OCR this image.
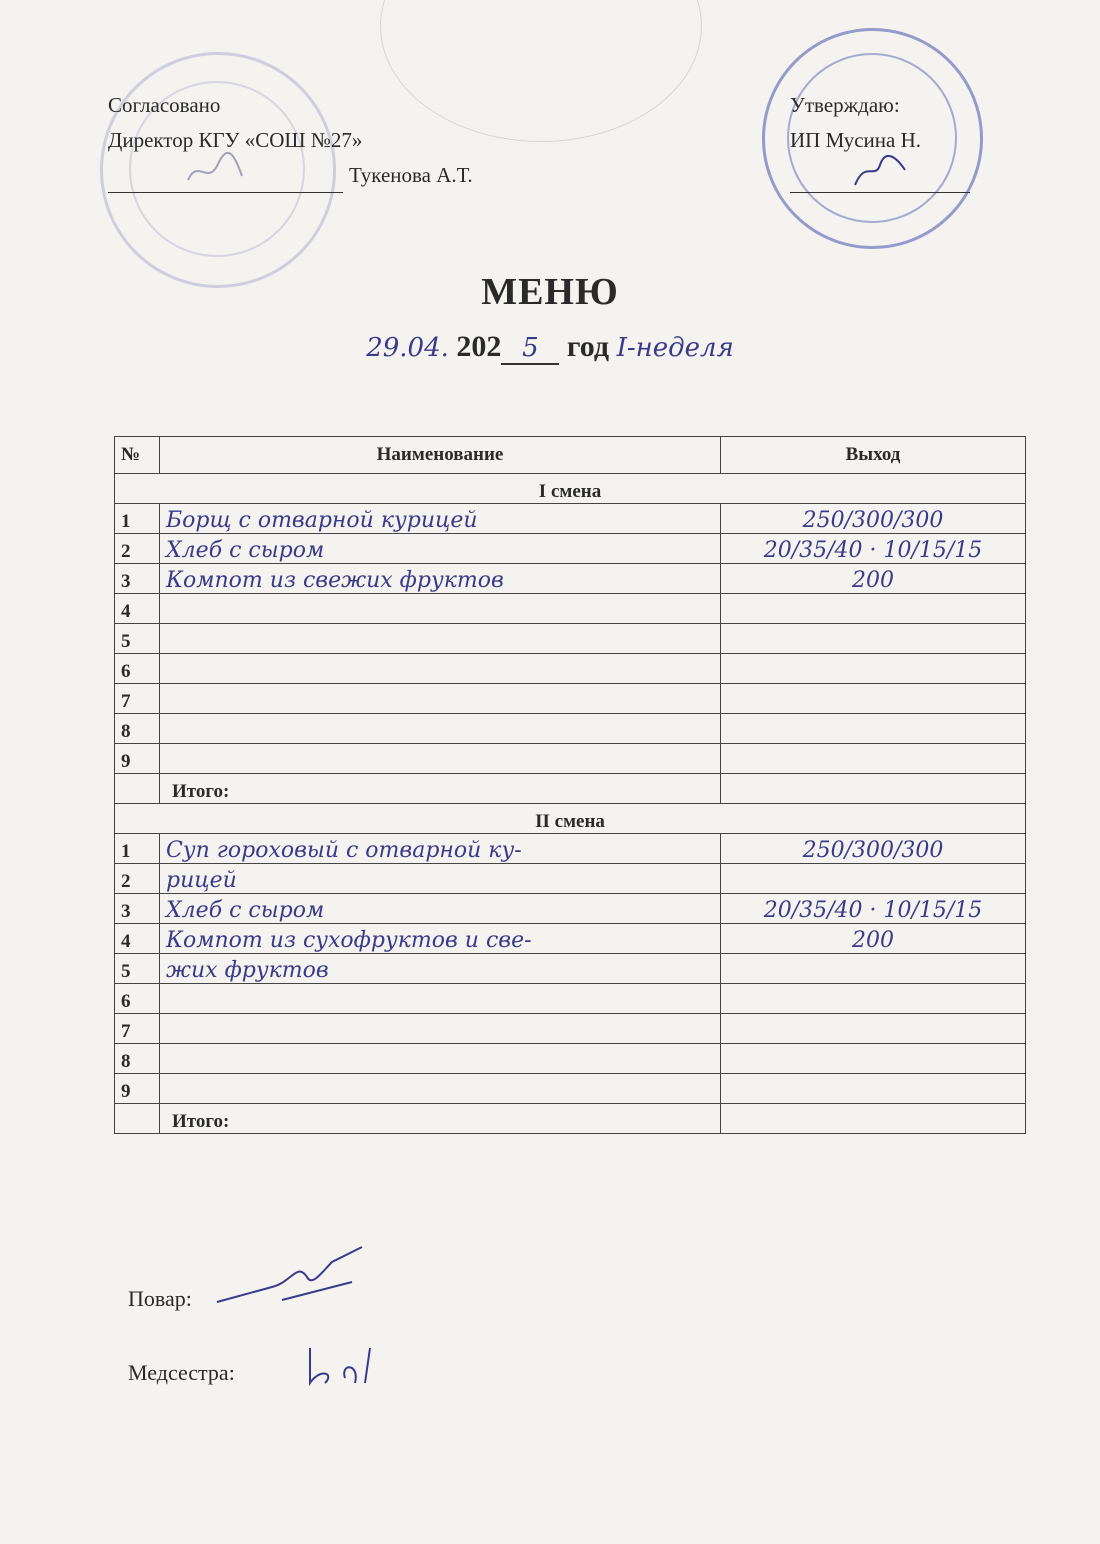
Согласовано
Директор КГУ «СОШ №27»
Тукенова А.Т.
Утверждаю:
ИП Мусина Н.
МЕНЮ
29.04. 202 5 год I-неделя
№	Наименование	Выход
I смена		
1	Борщ с отварной курицей	250/300/300
2	Хлеб с сыром	20/35/40 · 10/15/15
3	Компот из свежих фруктов	200
4		
5		
6		
7		
8		
9		
	Итого:	
II смена		
1	Суп гороховый с отварной ку-	250/300/300
2	рицей	
3	Хлеб с сыром	20/35/40 · 10/15/15
4	Компот из сухофруктов и све-	200
5	жих фруктов	
6		
7		
8		
9		
	Итого:	
Повар:
Медсестра:
